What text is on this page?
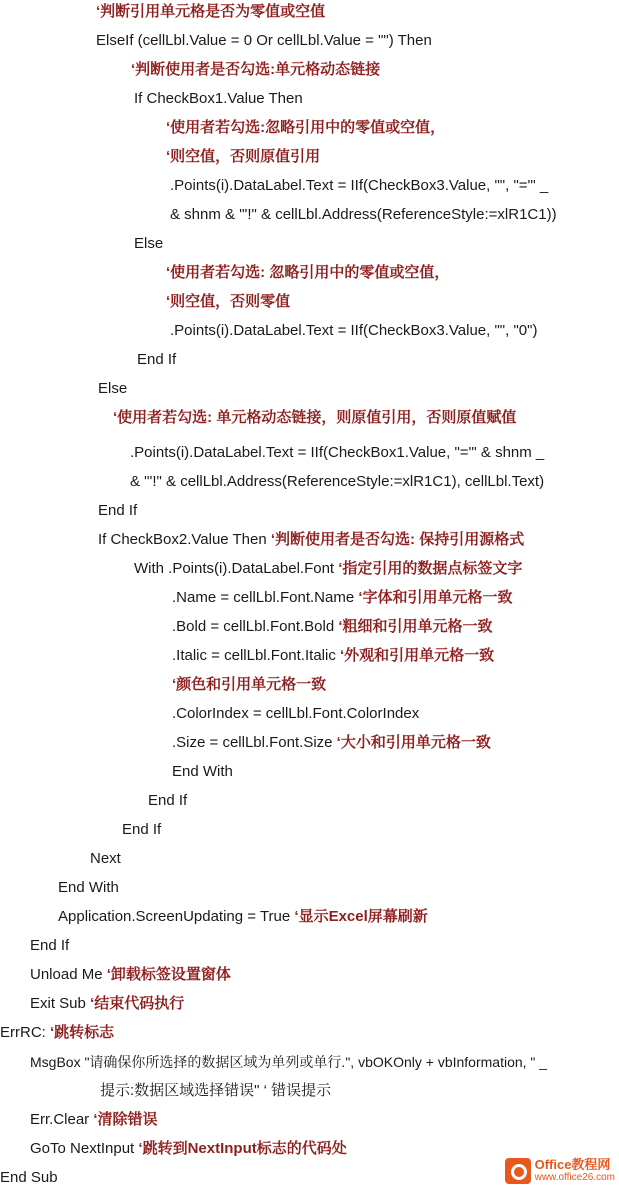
‘判断引用单元格是否为零值或空值
ElseIf (cellLbl.Value = 0 Or cellLbl.Value = "") Then
‘判断使用者是否勾选:单元格动态链接
If CheckBox1.Value Then
‘使用者若勾选:忽略引用中的零值或空值，
‘则空值，否则原值引用
.Points(i).DataLabel.Text = IIf(CheckBox3.Value, "", "='" _
& shnm & "'!" & cellLbl.Address(ReferenceStyle:=xlR1C1))
Else
‘使用者若勾选: 忽略引用中的零值或空值，
‘则空值，否则零值
.Points(i).DataLabel.Text = IIf(CheckBox3.Value, "", "0")
End If
Else
‘使用者若勾选: 单元格动态链接，则原值引用，否则原值赋值
.Points(i).DataLabel.Text = IIf(CheckBox1.Value, "='" & shnm _
& "'!" & cellLbl.Address(ReferenceStyle:=xlR1C1), cellLbl.Text)
End If
If CheckBox2.Value Then ‘判断使用者是否勾选: 保持引用源格式
With .Points(i).DataLabel.Font ‘指定引用的数据点标签文字
.Name = cellLbl.Font.Name ‘字体和引用单元格一致
.Bold = cellLbl.Font.Bold ‘粗细和引用单元格一致
.Italic = cellLbl.Font.Italic ‘外观和引用单元格一致
‘颜色和引用单元格一致
.ColorIndex = cellLbl.Font.ColorIndex
.Size = cellLbl.Font.Size ‘大小和引用单元格一致
End With
End If
End If
Next
End With
Application.ScreenUpdating = True ‘显示Excel屏幕刷新
End If
Unload Me ‘卸载标签设置窗体
Exit Sub ‘结束代码执行
ErrRC: ‘跳转标志
MsgBox "请确保你所选择的数据区域为单列或单行.", vbOKOnly + vbInformation, " _
提示:数据区域选择错误" ‘ 错误提示
Err.Clear ‘清除错误
GoTo NextInput ‘跳转到NextInput标志的代码处
End Sub
Office教程网
www.office26.com
